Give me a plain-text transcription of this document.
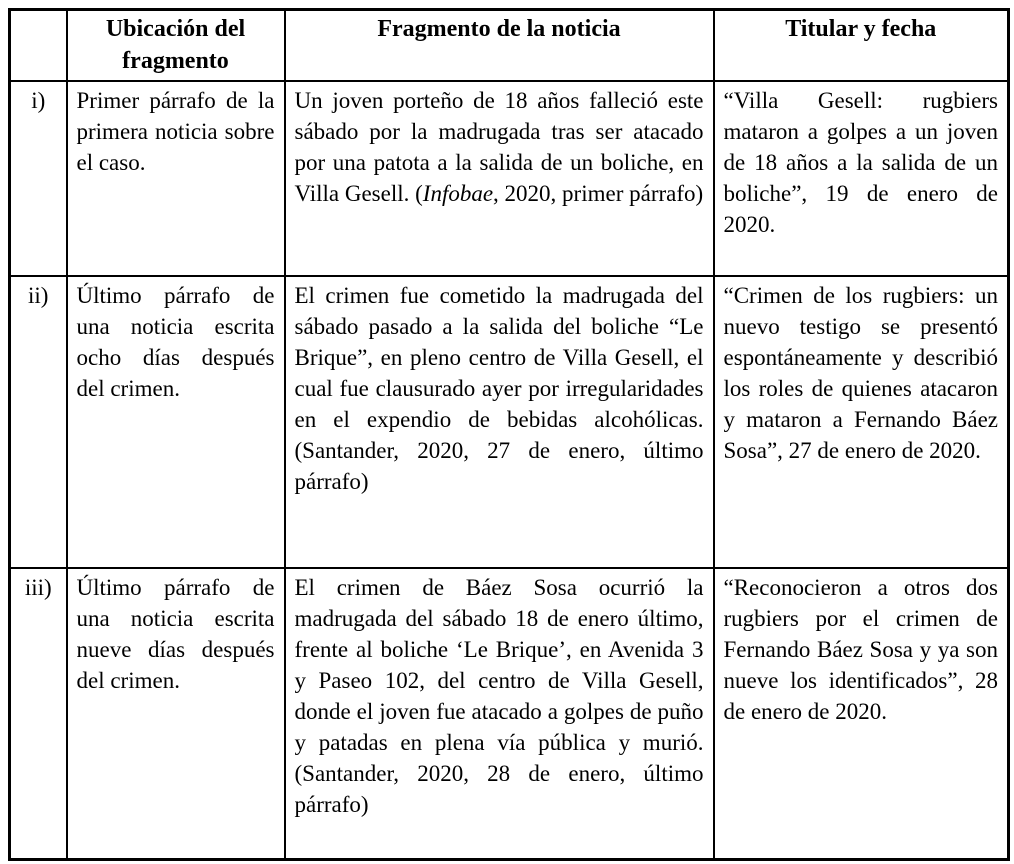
	Ubicación del fragmento	Fragmento de la noticia	Titular y fecha
i)	Primer párrafo de la primera noticia sobre el caso.	Un joven porteño de 18 años falleció este sábado por la madrugada tras ser atacado por una patota a la salida de un boliche, en Villa Gesell. (Infobae, 2020, primer párrafo)	“Villa Gesell: rugbiers mataron a golpes a un joven de 18 años a la salida de un boliche”, 19 de enero de 2020.
ii)	Último párrafo de una noticia escrita ocho días después del crimen.	El crimen fue cometido la madrugada del sábado pasado a la salida del boliche “Le Brique”, en pleno centro de Villa Gesell, el cual fue clausurado ayer por irregularidades en el expendio de bebidas alcohólicas. (Santander, 2020, 27 de enero, último párrafo)	“Crimen de los rugbiers: un nuevo testigo se presentó espontáneamente y describió los roles de quienes atacaron y mataron a Fernando Báez Sosa”, 27 de enero de 2020.
iii)	Último párrafo de una noticia escrita nueve días después del crimen.	El crimen de Báez Sosa ocurrió la madrugada del sábado 18 de enero último, frente al boliche ‘Le Brique’, en Avenida 3 y Paseo 102, del centro de Villa Gesell, donde el joven fue atacado a golpes de puño y patadas en plena vía pública y murió. (Santander, 2020, 28 de enero, último párrafo)	“Reconocieron a otros dos rugbiers por el crimen de Fernando Báez Sosa y ya son nueve los identificados”, 28 de enero de 2020.
